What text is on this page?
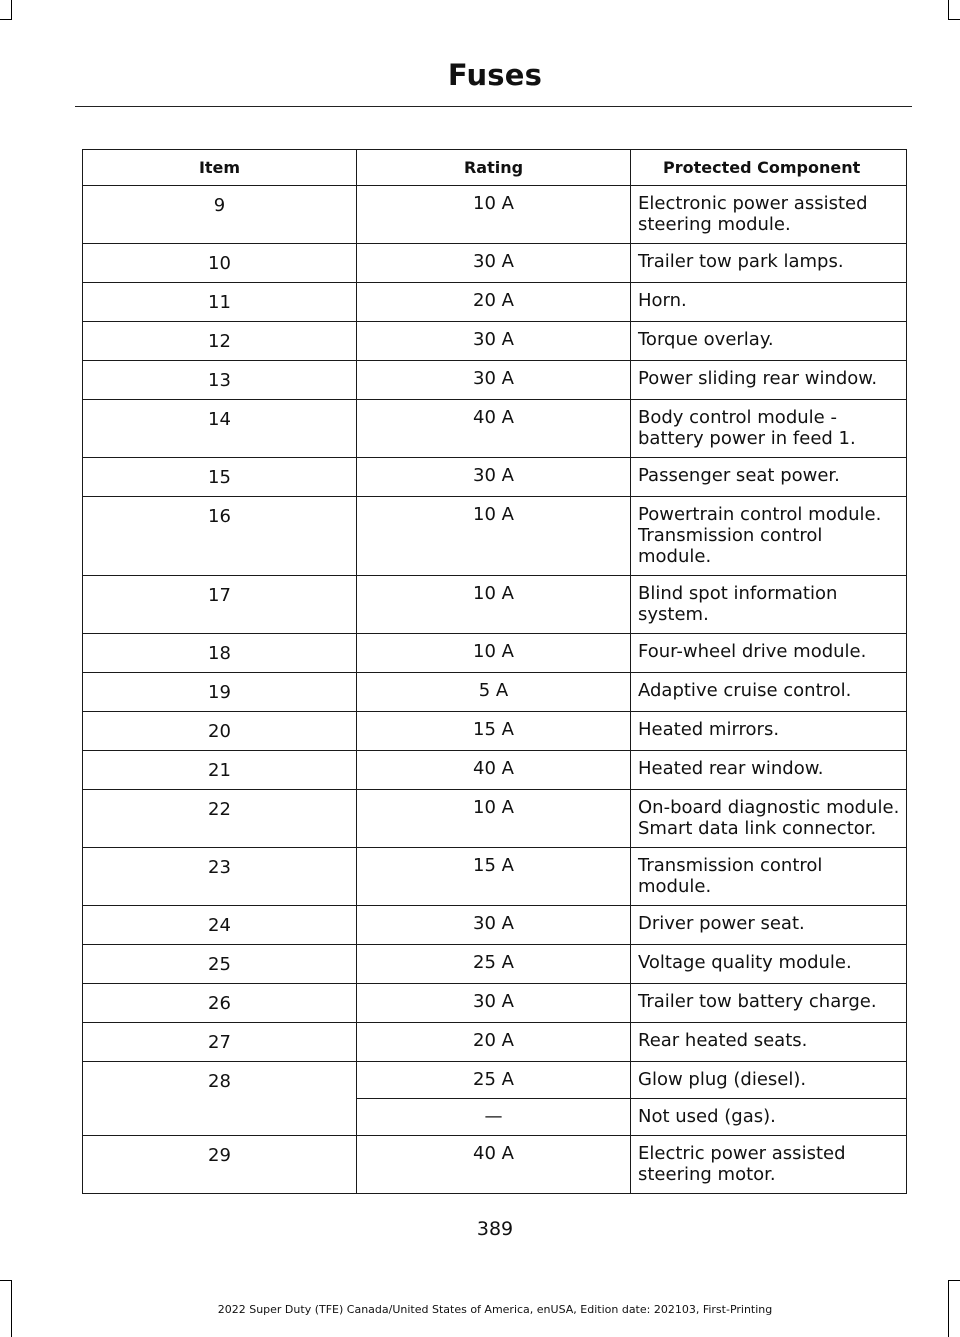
Fuses
Item	Rating	Protected Component
9	10 A	Electronic power assisted steering module.

10	30 A	Trailer tow park lamps.

11	20 A	Horn.

12	30 A	Torque overlay.

13	30 A	Power sliding rear window.

14	40 A	Body control module - battery power in feed 1.

15	30 A	Passenger seat power.

16	10 A	Powertrain control module.
Transmission control module.

17	10 A	Blind spot information system.

18	10 A	Four-wheel drive module.

19	5 A	Adaptive cruise control.

20	15 A	Heated mirrors.

21	40 A	Heated rear window.

22	10 A	On-board diagnostic module.
Smart data link connector.

23	15 A	Transmission control module.

24	30 A	Driver power seat.

25	25 A	Voltage quality module.

26	30 A	Trailer tow battery charge.

27	20 A	Rear heated seats.

28	25 A	Glow plug (diesel).

	—	Not used (gas).

29	40 A	Electric power assisted steering motor.
389
2022 Super Duty (TFE) Canada/United States of America, enUSA, Edition date: 202103, First-Printing
